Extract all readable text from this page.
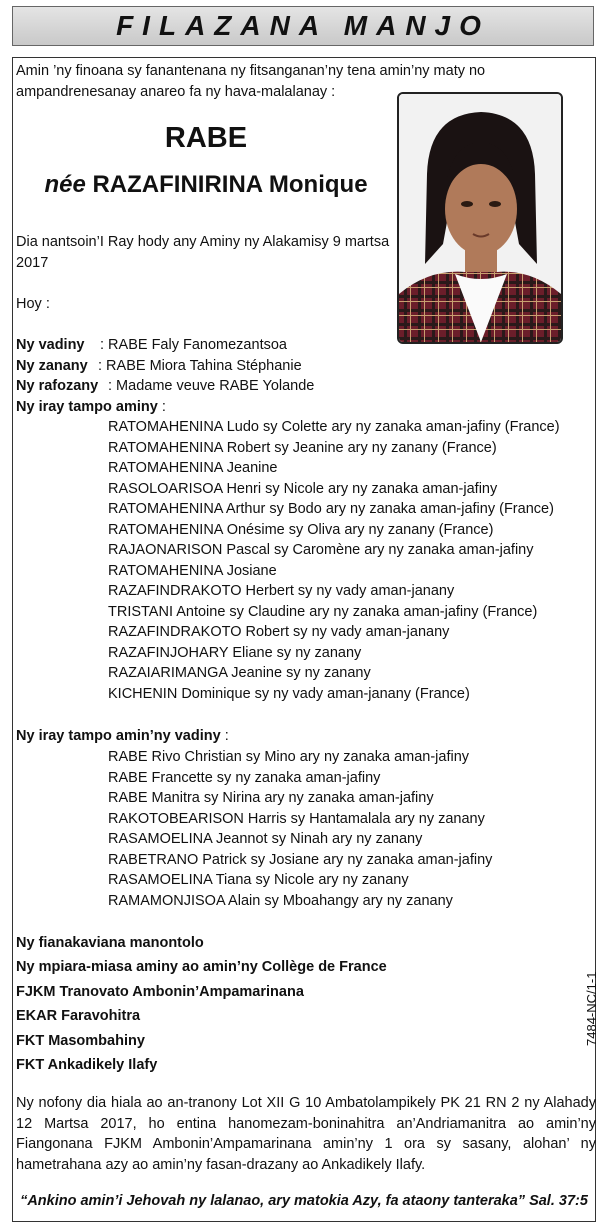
FILAZANA MANJO
Amin ’ny finoana sy fanantenana ny fitsanganan’ny tena amin’ny maty no ampandrenesanay anareo fa ny hava-malalanay :
RABE
née RAZAFINIRINA Monique
Dia nantsoin’I Ray hody any Aminy ny Alakamisy 9 martsa 2017
Hoy :
Ny vadiny : RABE Faly Fanomezantsoa
Ny zanany : RABE Miora Tahina Stéphanie
Ny rafozany : Madame veuve RABE Yolande
Ny iray tampo aminy :
RATOMAHENINA Ludo sy Colette ary ny zanaka aman-jafiny (France)
RATOMAHENINA Robert sy Jeanine ary ny zanany (France)
RATOMAHENINA Jeanine
RASOLOARISOA Henri sy Nicole ary ny zanaka aman-jafiny
RATOMAHENINA Arthur sy Bodo ary ny zanaka aman-jafiny (France)
RATOMAHENINA Onésime sy Oliva ary ny zanany (France)
RAJAONARISON Pascal sy Caromène ary ny zanaka aman-jafiny
RATOMAHENINA Josiane
RAZAFINDRAKOTO Herbert sy ny vady aman-janany
TRISTANI Antoine sy Claudine ary ny zanaka aman-jafiny (France)
RAZAFINDRAKOTO Robert sy ny vady aman-janany
RAZAFINJOHARY Eliane sy ny zanany
RAZAIARIMANGA Jeanine sy ny zanany
KICHENIN Dominique sy ny vady aman-janany (France)
Ny iray tampo amin’ny vadiny :
RABE Rivo Christian sy Mino ary ny zanaka aman-jafiny
RABE Francette sy ny zanaka aman-jafiny
RABE Manitra sy Nirina ary ny zanaka aman-jafiny
RAKOTOBEARISON Harris sy Hantamalala ary ny zanany
RASAMOELINA Jeannot sy Ninah ary ny zanany
RABETRANO Patrick sy Josiane ary ny zanaka aman-jafiny
RASAMOELINA Tiana sy Nicole ary ny zanany
RAMAMONJISOA Alain sy Mboahangy ary ny zanany
Ny fianakaviana manontolo
Ny mpiara-miasa aminy ao amin’ny Collège de France
FJKM Tranovato Ambonin’Ampamarinana
EKAR Faravohitra
FKT Masombahiny
FKT Ankadikely Ilafy
7484-NC/1-1
Ny nofony dia hiala ao an-tranony Lot XII G 10 Ambatolampikely PK 21 RN 2 ny Alahady 12 Martsa 2017, ho entina hanomezam-boninahitra an’Andriamanitra ao amin’ny Fiangonana FJKM Ambonin’Ampamarinana amin’ny 1 ora sy sasany, alohan’ ny hametrahana azy ao amin’ny fasan-drazany ao Ankadikely Ilafy.
“Ankino amin’i Jehovah ny lalanao, ary matokia Azy, fa ataony tanteraka” Sal. 37:5
